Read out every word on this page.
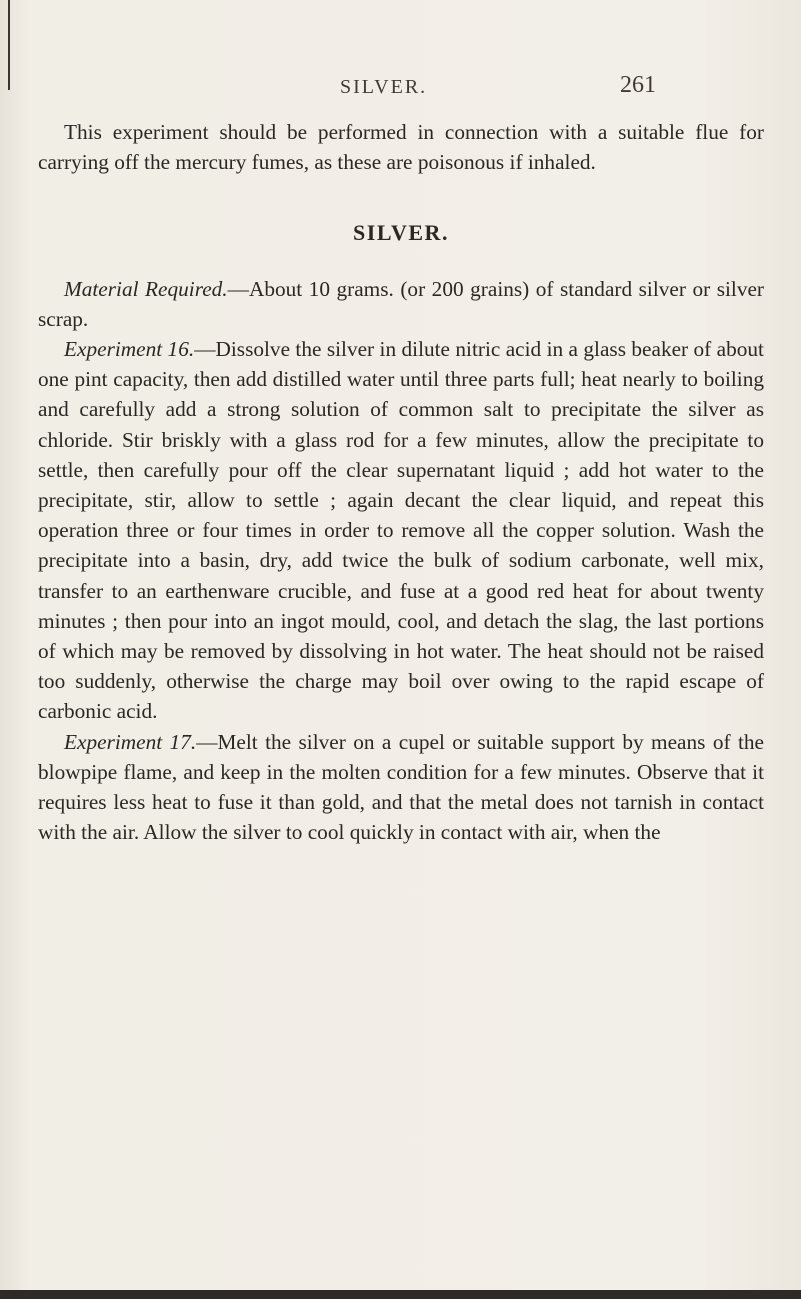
SILVER.	261

This experiment should be performed in connection with a suitable flue for carrying off the mercury fumes, as these are poisonous if inhaled.

SILVER.

Material Required.—About 10 grams. (or 200 grains) of standard silver or silver scrap.

Experiment 16.—Dissolve the silver in dilute nitric acid in a glass beaker of about one pint capacity, then add distilled water until three parts full; heat nearly to boiling and carefully add a strong solution of common salt to precipitate the silver as chloride. Stir briskly with a glass rod for a few minutes, allow the precipitate to settle, then carefully pour off the clear supernatant liquid ; add hot water to the precipitate, stir, allow to settle ; again decant the clear liquid, and repeat this operation three or four times in order to remove all the copper solution. Wash the precipitate into a basin, dry, add twice the bulk of sodium carbonate, well mix, transfer to an earthenware crucible, and fuse at a good red heat for about twenty minutes ; then pour into an ingot mould, cool, and detach the slag, the last portions of which may be removed by dissolving in hot water. The heat should not be raised too suddenly, otherwise the charge may boil over owing to the rapid escape of carbonic acid.

Experiment 17.—Melt the silver on a cupel or suitable support by means of the blowpipe flame, and keep in the molten condition for a few minutes. Observe that it requires less heat to fuse it than gold, and that the metal does not tarnish in contact with the air. Allow the silver to cool quickly in contact with air, when the
